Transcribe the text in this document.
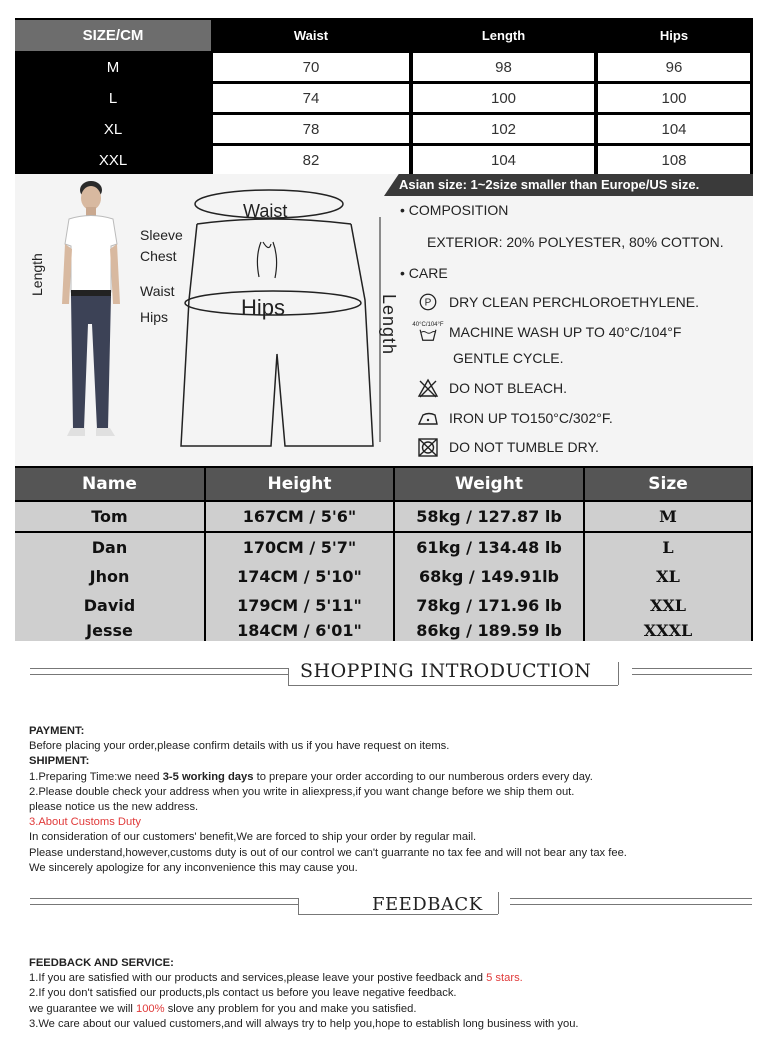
SIZE/CM	Waist	Length	Hips
M	70	98	96
L	74	100	100
XL	78	102	104
XXL	82	104	108
Length
Sleeve
Chest
Waist
Hips
Waist
Hips	Length
Asian size: 1~2size smaller than Europe/US size.
• COMPOSITION
EXTERIOR: 20% POLYESTER, 80% COTTON.
• CARE
P DRY CLEAN PERCHLOROETHYLENE.
40°C/104°F MACHINE WASH UP TO 40°C/104°F
GENTLE CYCLE.
DO NOT BLEACH.
IRON UP TO150°C/302°F.
DO NOT TUMBLE DRY.
Name	Height	Weight	Size
Tom	167CM / 5'6"	58kg / 127.87 lb	M
Dan	170CM / 5'7"	61kg / 134.48 lb	L
Jhon	174CM / 5'10"	68kg / 149.91lb	XL
David	179CM / 5'11"	78kg / 171.96 lb	XXL
Jesse	184CM / 6'01"	86kg / 189.59 lb	XXXL
SHOPPING INTRODUCTION

PAYMENT:

Before placing your order,please confirm details with us if you have request on items.

SHIPMENT:

1.Preparing Time:we need 3-5 working days to prepare your order according to our numberous orders every day.

2.Please double check your address when you write in aliexpress,if you want change before we ship them out.

please notice us the new address.

3.About Customs Duty

In consideration of our customers' benefit,We are forced to ship your order by regular mail.

Please understand,however,customs duty is out of our control we can't guarrante no tax fee and will not bear any tax fee.

We sincerely apologize for any inconvenience this may cause you.

FEEDBACK

FEEDBACK AND SERVICE:

1.If you are satisfied with our products and services,please leave your postive feedback and 5 stars.

2.If you don't satisfied our products,pls contact us before you leave negative feedback.

we guarantee we will 100% slove any problem for you and make you satisfied.

3.We care about our valued customers,and will always try to help you,hope to establish long business with you.
